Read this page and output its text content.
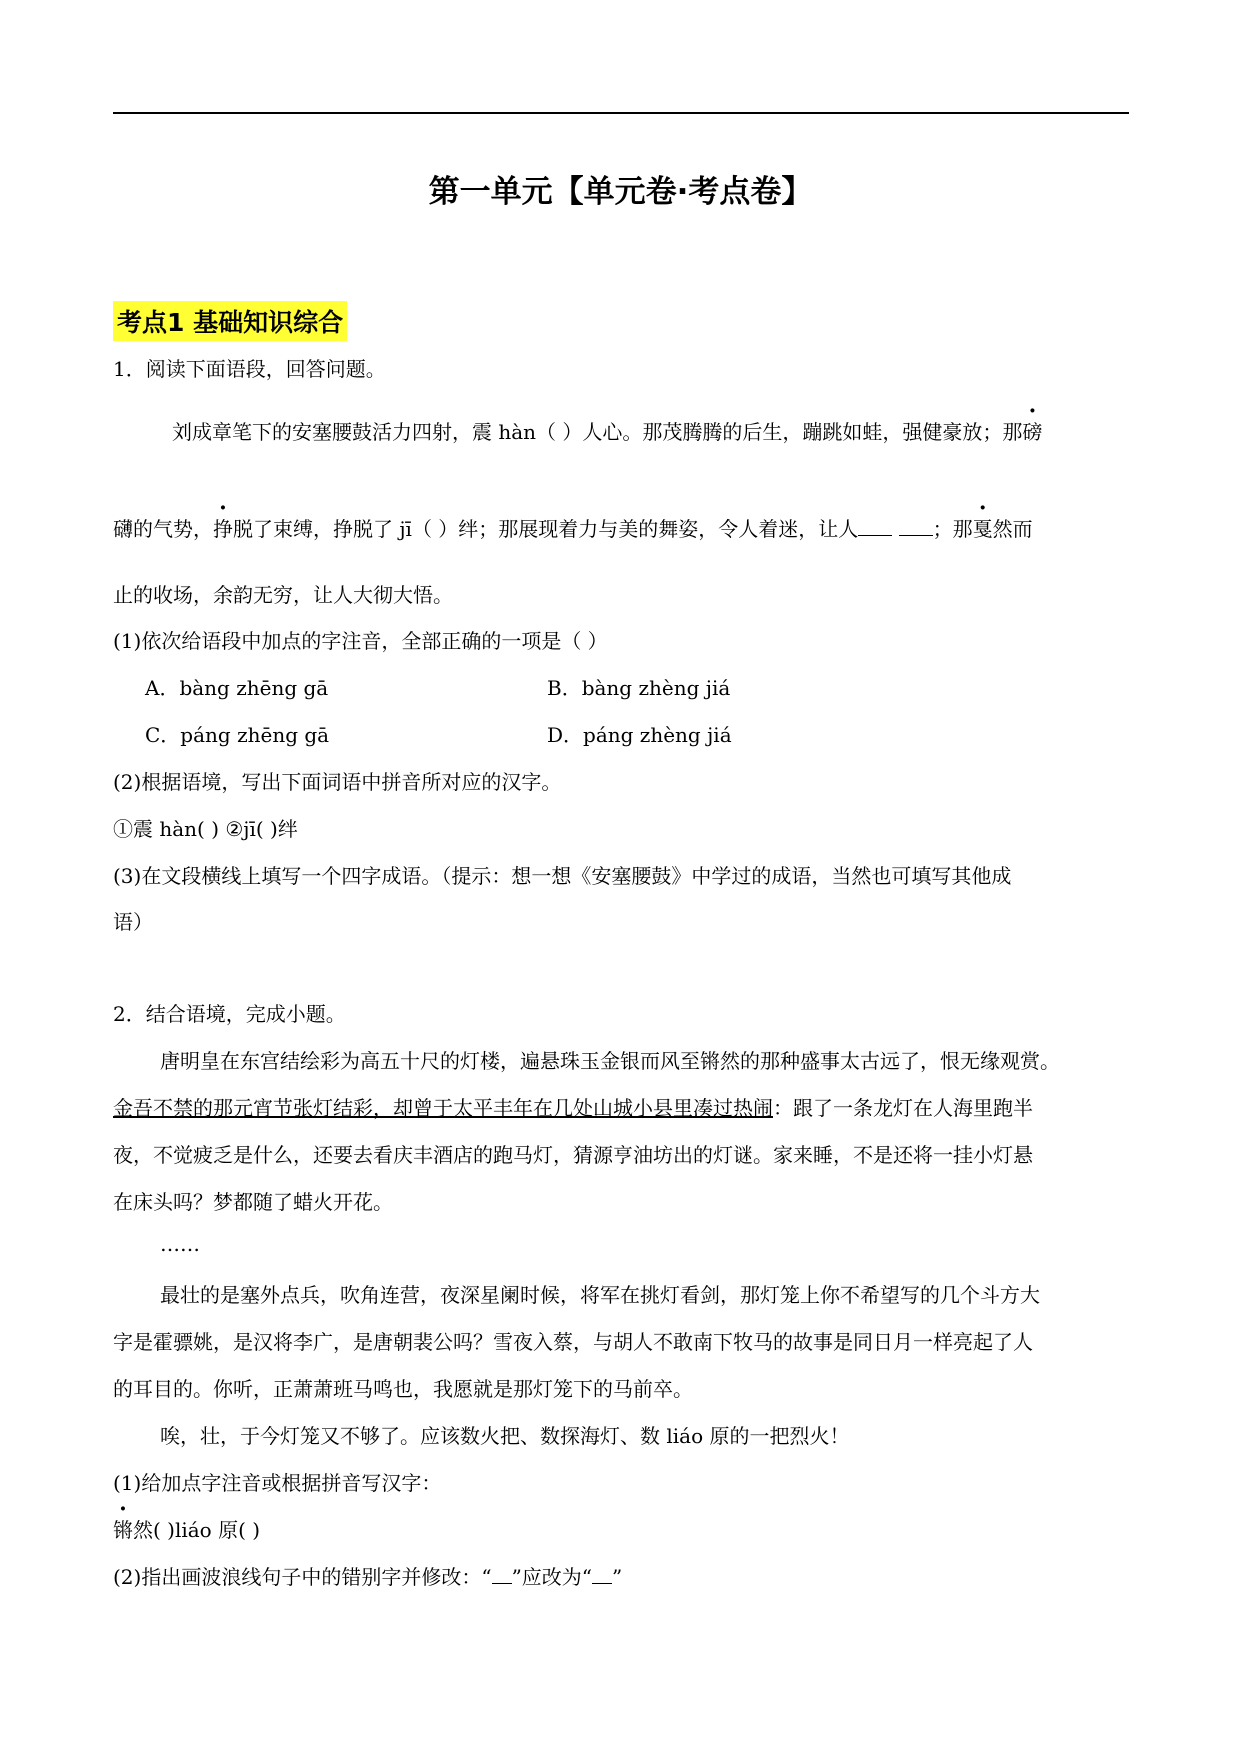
第一单元【单元卷·考点卷】
考点1 基础知识综合
1．阅读下面语段，回答问题。
刘成章笔下的安塞腰鼓活力四射，震 hàn（ ）人心。那茂腾腾的后生，蹦跳如蛙，强健豪放；那磅
礴的气势，挣脱了束缚，挣脱了 jī（ ）绊；那展现着力与美的舞姿，令人着迷，让人	；那戛然而
止的收场，余韵无穷，让人大彻大悟。
(1)依次给语段中加点的字注音，全部正确的一项是（ ）
A．bàng zhēng gā	B．bàng zhèng jiá
C．páng zhēng gā	D．páng zhèng jiá
(2)根据语境，写出下面词语中拼音所对应的汉字。
①震 hàn( ) ②jī( )绊
(3)在文段横线上填写一个四字成语。（提示：想一想《安塞腰鼓》中学过的成语，当然也可填写其他成
语）
2．结合语境，完成小题。
唐明皇在东宫结绘彩为高五十尺的灯楼，遍悬珠玉金银而风至锵然的那种盛事太古远了，恨无缘观赏。
金吾不禁的那元宵节张灯结彩，却曾于太平丰年在几处山城小县里凑过热闹：跟了一条龙灯在人海里跑半
夜，不觉疲乏是什么，还要去看庆丰酒店的跑马灯，猜源亨油坊出的灯谜。家来睡，不是还将一挂小灯悬
在床头吗？梦都随了蜡火开花。
……
最壮的是塞外点兵，吹角连营，夜深星阑时候，将军在挑灯看剑，那灯笼上你不希望写的几个斗方大
字是霍骠姚，是汉将李广，是唐朝裴公吗？雪夜入蔡，与胡人不敢南下牧马的故事是同日月一样亮起了人
的耳目的。你听，正萧萧班马鸣也，我愿就是那灯笼下的马前卒。
唉，壮，于今灯笼又不够了。应该数火把、数探海灯、数 liáo 原的一把烈火！
(1)给加点字注音或根据拼音写汉字：
锵然( )liáo 原( )
(2)指出画波浪线句子中的错别字并修改：“ ”应改为“ ”
